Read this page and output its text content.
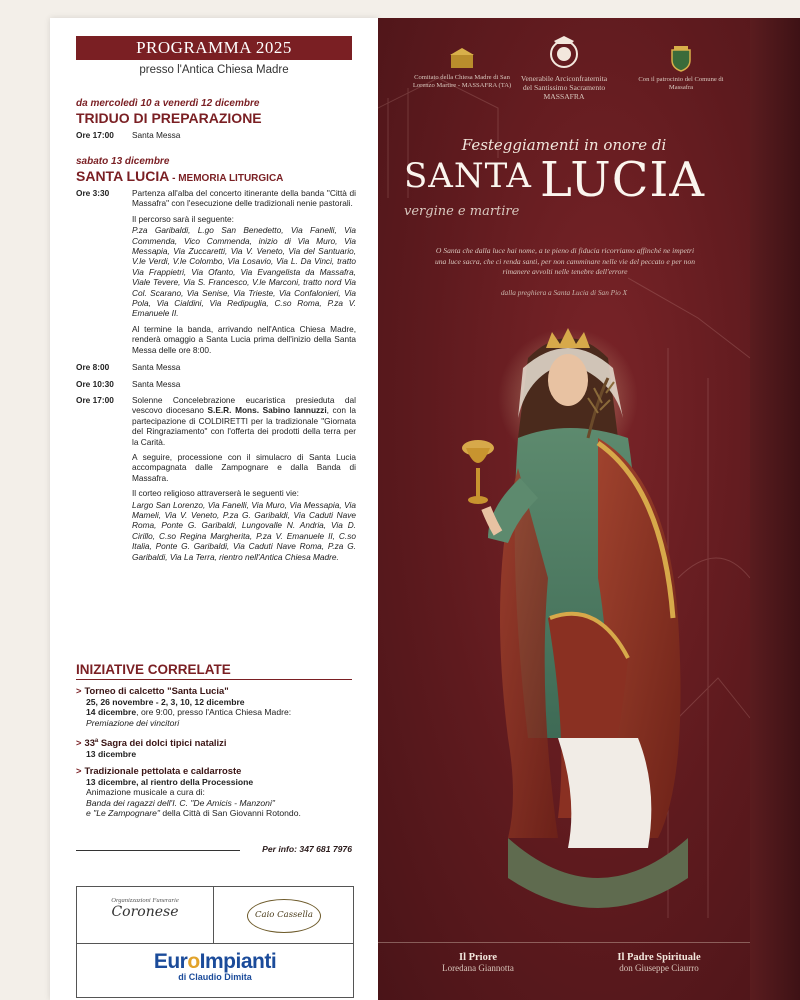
PROGRAMMA 2025
presso l'Antica Chiesa Madre
da mercoledì 10 a venerdì 12 dicembre
TRIDUO DI PREPARAZIONE
Ore 17:00	Santa Messa
sabato 13 dicembre
SANTA LUCIA - MEMORIA LITURGICA
Ore 3:30	Partenza all'alba del concerto itinerante della banda "Città di Massafra" con l'esecuzione delle tradizionali nenie pastorali.
Il percorso sarà il seguente:
P.za Garibaldi, L.go San Benedetto, Via Fanelli, Via Commenda, Vico Commenda, inizio di Via Muro, Via Messapia, Via Zuccaretti, Via V. Veneto, Via del Santuario, V.le Verdi, V.le Colombo, Via Losavio, Via L. Da Vinci, tratto Via Frappietri, Via Ofanto, Via Evangelista da Massafra, Viale Tevere, Via S. Francesco, V.le Marconi, tratto nord Via Col. Scarano, Via Senise, Via Trieste, Via Confalonieri, Via Pola, Via Cialdini, Via Redipuglia, C.so Roma, P.za V. Emanuele II.
Al termine la banda, arrivando nell'Antica Chiesa Madre, renderà omaggio a Santa Lucia prima dell'inizio della Santa Messa delle ore 8:00.
Ore 8:00	Santa Messa
Ore 10:30	Santa Messa
Ore 17:00	Solenne Concelebrazione eucaristica presieduta dal vescovo diocesano S.E.R. Mons. Sabino Iannuzzi, con la partecipazione di COLDIRETTI per la tradizionale "Giornata del Ringraziamento" con l'offerta dei prodotti della terra per la Carità.
A seguire, processione con il simulacro di Santa Lucia accompagnata dalle Zampognare e dalla Banda di Massafra.
Il corteo religioso attraverserà le seguenti vie:
Largo San Lorenzo, Via Fanelli, Via Muro, Via Messapia, Via Mameli, Via V. Veneto, P.za G. Garibaldi, Via Caduti Nave Roma, Ponte G. Garibaldi, Lungovalle N. Andria, Via D. Cirillo, C.so Regina Margherita, P.za V. Emanuele II, C.so Italia, Ponte G. Garibaldi, Via Caduti Nave Roma, P.za G. Garibaldi, Via La Terra, rientro nell'Antica Chiesa Madre.
INIZIATIVE CORRELATE
> Torneo di calcetto "Santa Lucia"
25, 26 novembre - 2, 3, 10, 12 dicembre
14 dicembre, ore 9:00, presso l'Antica Chiesa Madre:
Premiazione dei vincitori
> $33^a$ Sagra dei dolci tipici natalizi
13 dicembre
> Tradizionale pettolata e caldarroste
13 dicembre, al rientro della Processione
Animazione musicale a cura di:
Banda dei ragazzi dell'I. C. "De Amicis - Manzoni"
e "Le Zampognare" della Città di San Giovanni Rotondo.
Per info: 347 681 7976
Organizzazioni Funerarie
Coronese	Caio Cassella
EuroImpianti
di Claudio Dimita
Comitato della Chiesa Madre di San Lorenzo Martire - MASSAFRA (TA)
Venerabile Arciconfraternita
del Santissimo Sacramento
MASSAFRA
Con il patrocinio del Comune di Massafra
Festeggiamenti in onore di
SANTA LUCIA
vergine e martire
O Santa che dalla luce hai nome, a te pieno di fiducia ricorriamo affinché ne impetri una luce sacra, che ci renda santi, per non camminare nelle vie del peccato e per non rimanere avvolti nelle tenebre dell'errore
dalla preghiera a Santa Lucia di San Pio X
Il Priore
Loredana Giannotta
Il Padre Spirituale
don Giuseppe Ciaurro
